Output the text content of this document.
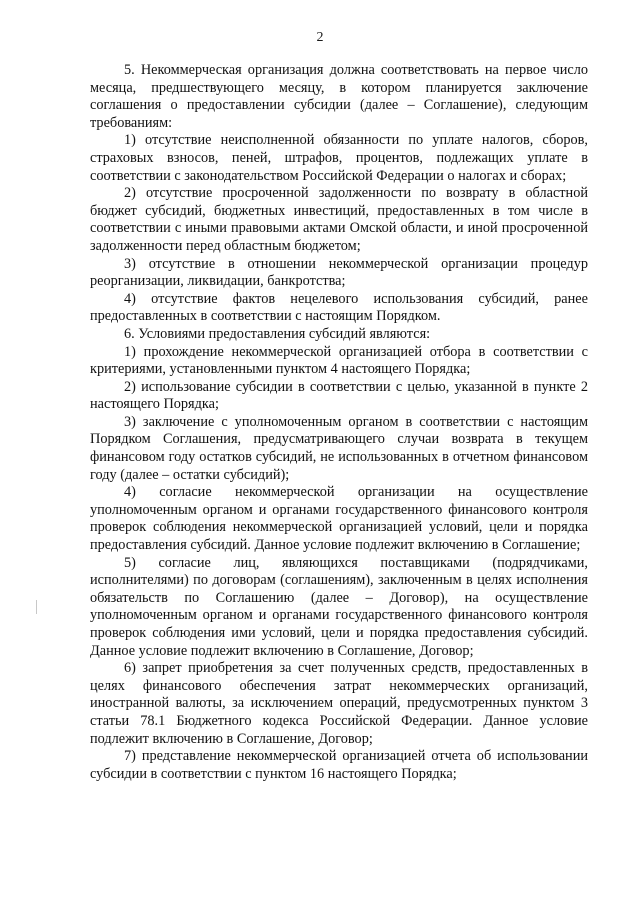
2

5. Некоммерческая организация должна соответствовать на первое число месяца, предшествующего месяцу, в котором планируется заключение соглашения о предоставлении субсидии (далее – Соглашение), следующим требованиям:

1) отсутствие неисполненной обязанности по уплате налогов, сборов, страховых взносов, пеней, штрафов, процентов, подлежащих уплате в соответствии с законодательством Российской Федерации о налогах и сборах;

2) отсутствие просроченной задолженности по возврату в областной бюджет субсидий, бюджетных инвестиций, предоставленных в том числе в соответствии с иными правовыми актами Омской области, и иной просроченной задолженности перед областным бюджетом;

3) отсутствие в отношении некоммерческой организации процедур реорганизации, ликвидации, банкротства;

4) отсутствие фактов нецелевого использования субсидий, ранее предоставленных в соответствии с настоящим Порядком.

6. Условиями предоставления субсидий являются:

1) прохождение некоммерческой организацией отбора в соответствии с критериями, установленными пунктом 4 настоящего Порядка;

2) использование субсидии в соответствии с целью, указанной в пункте 2 настоящего Порядка;

3) заключение с уполномоченным органом в соответствии с настоящим Порядком Соглашения, предусматривающего случаи возврата в текущем финансовом году остатков субсидий, не использованных в отчетном финансовом году (далее – остатки субсидий);

4) согласие некоммерческой организации на осуществление уполномоченным органом и органами государственного финансового контроля проверок соблюдения некоммерческой организацией условий, цели и порядка предоставления субсидий. Данное условие подлежит включению в Соглашение;

5) согласие лиц, являющихся поставщиками (подрядчиками, исполнителями) по договорам (соглашениям), заключенным в целях исполнения обязательств по Соглашению (далее – Договор), на осуществление уполномоченным органом и органами государственного финансового контроля проверок соблюдения ими условий, цели и порядка предоставления субсидий. Данное условие подлежит включению в Соглашение, Договор;

6) запрет приобретения за счет полученных средств, предоставленных в целях финансового обеспечения затрат некоммерческих организаций, иностранной валюты, за исключением операций, предусмотренных пунктом 3 статьи 78.1 Бюджетного кодекса Российской Федерации. Данное условие подлежит включению в Соглашение, Договор;

7) представление некоммерческой организацией отчета об использовании субсидии в соответствии с пунктом 16 настоящего Порядка;
